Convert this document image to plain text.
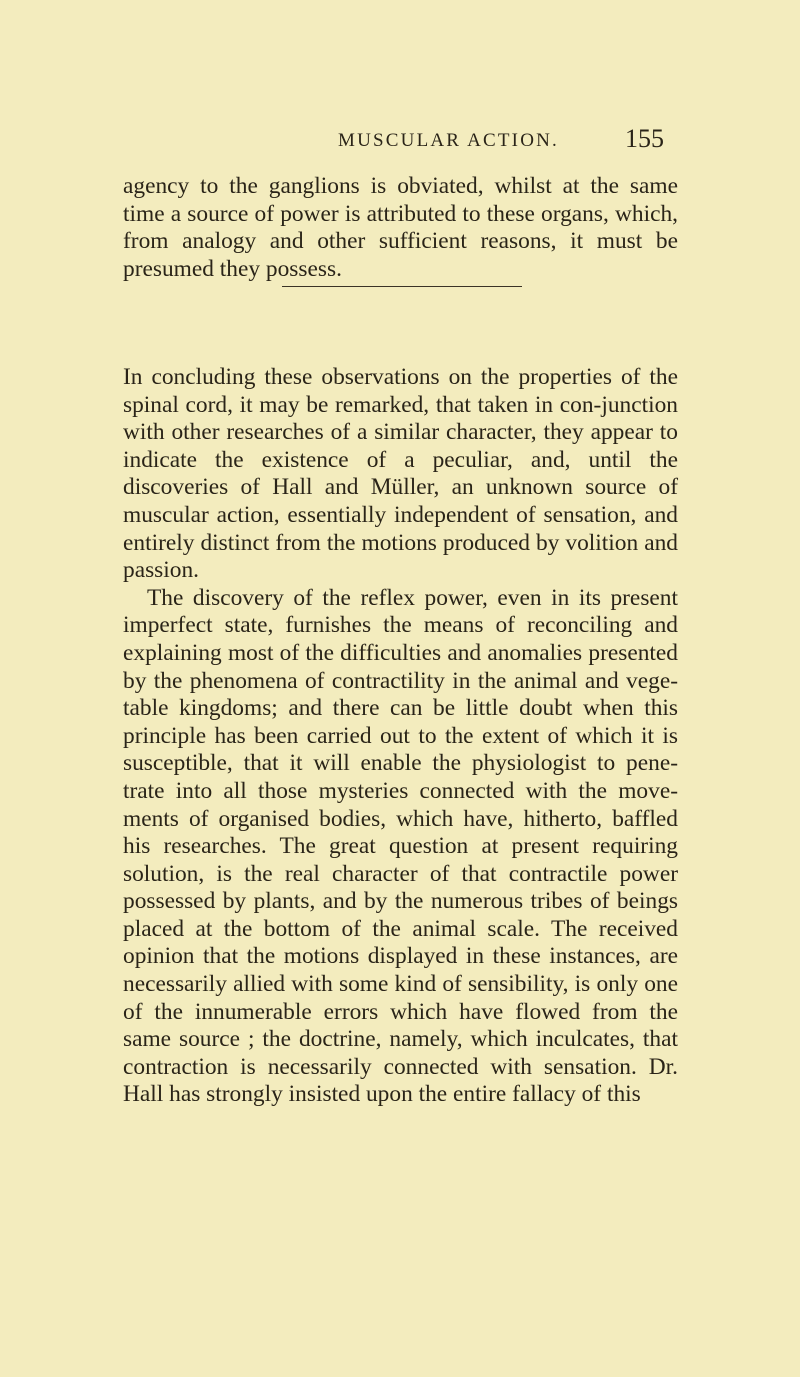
MUSCULAR ACTION.	155

agency to the ganglions is obviated, whilst at the same time a source of power is attributed to these organs, which, from analogy and other sufficient reasons, it must be presumed they possess.

In concluding these observations on the properties of the spinal cord, it may be remarked, that taken in con-junction with other researches of a similar character, they appear to indicate the existence of a peculiar, and, until the discoveries of Hall and Müller, an unknown source of muscular action, essentially independent of sensation, and entirely distinct from the motions produced by volition and passion.

The discovery of the reflex power, even in its present imperfect state, furnishes the means of reconciling and explaining most of the difficulties and anomalies presented by the phenomena of contractility in the animal and vege-table kingdoms; and there can be little doubt when this principle has been carried out to the extent of which it is susceptible, that it will enable the physiologist to pene-trate into all those mysteries connected with the move-ments of organised bodies, which have, hitherto, baffled his researches. The great question at present requiring solution, is the real character of that contractile power possessed by plants, and by the numerous tribes of beings placed at the bottom of the animal scale. The received opinion that the motions displayed in these instances, are necessarily allied with some kind of sensibility, is only one of the innumerable errors which have flowed from the same source ; the doctrine, namely, which inculcates, that contraction is necessarily connected with sensation. Dr. Hall has strongly insisted upon the entire fallacy of this
